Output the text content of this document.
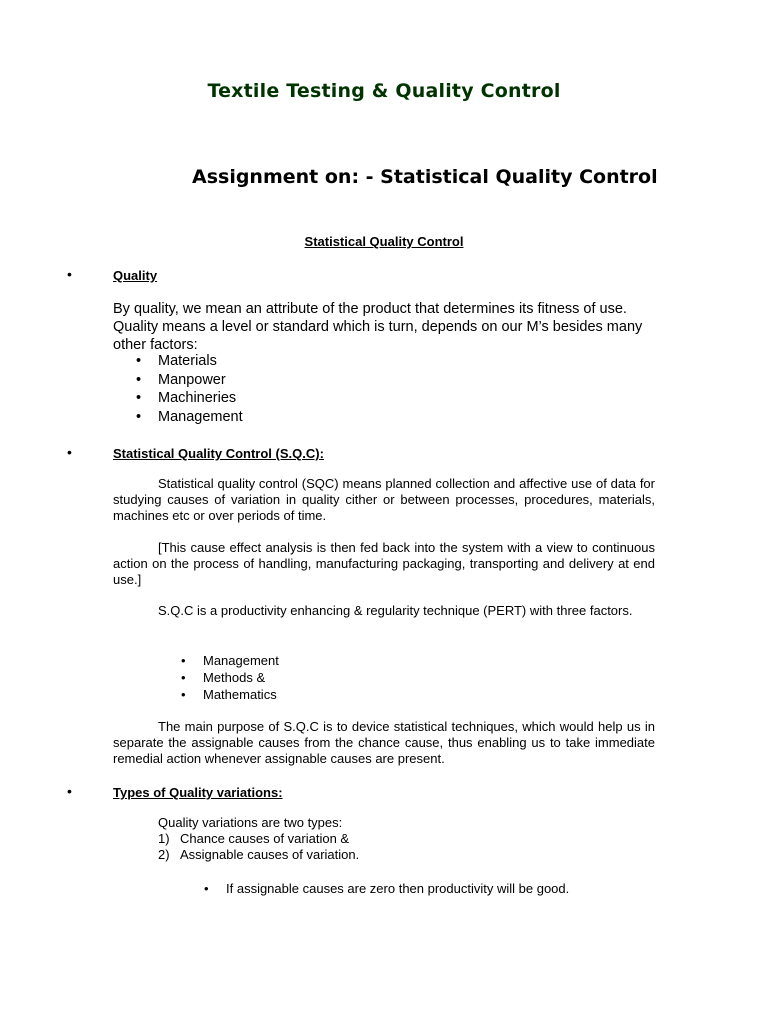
Textile Testing & Quality Control
Assignment on: - Statistical Quality Control
Statistical Quality Control
•	Quality
By quality, we mean an attribute of the product that determines its fitness of use. Quality means a level or standard which is turn, depends on our M’s besides many other factors:
• Materials
• Manpower
• Machineries
• Management
•	Statistical Quality Control (S.Q.C):
Statistical quality control (SQC) means planned collection and affective use of data for studying causes of variation in quality cither or between processes, procedures, materials, machines etc or over periods of time.
[This cause effect analysis is then fed back into the system with a view to continuous action on the process of handling, manufacturing packaging, transporting and delivery at end use.]
S.Q.C is a productivity enhancing & regularity technique (PERT) with three factors.
• Management
• Methods &
• Mathematics
The main purpose of S.Q.C is to device statistical techniques, which would help us in separate the assignable causes from the chance cause, thus enabling us to take immediate remedial action whenever assignable causes are present.
•	Types of Quality variations:
Quality variations are two types:
1) Chance causes of variation &
2) Assignable causes of variation.
• If assignable causes are zero then productivity will be good.
